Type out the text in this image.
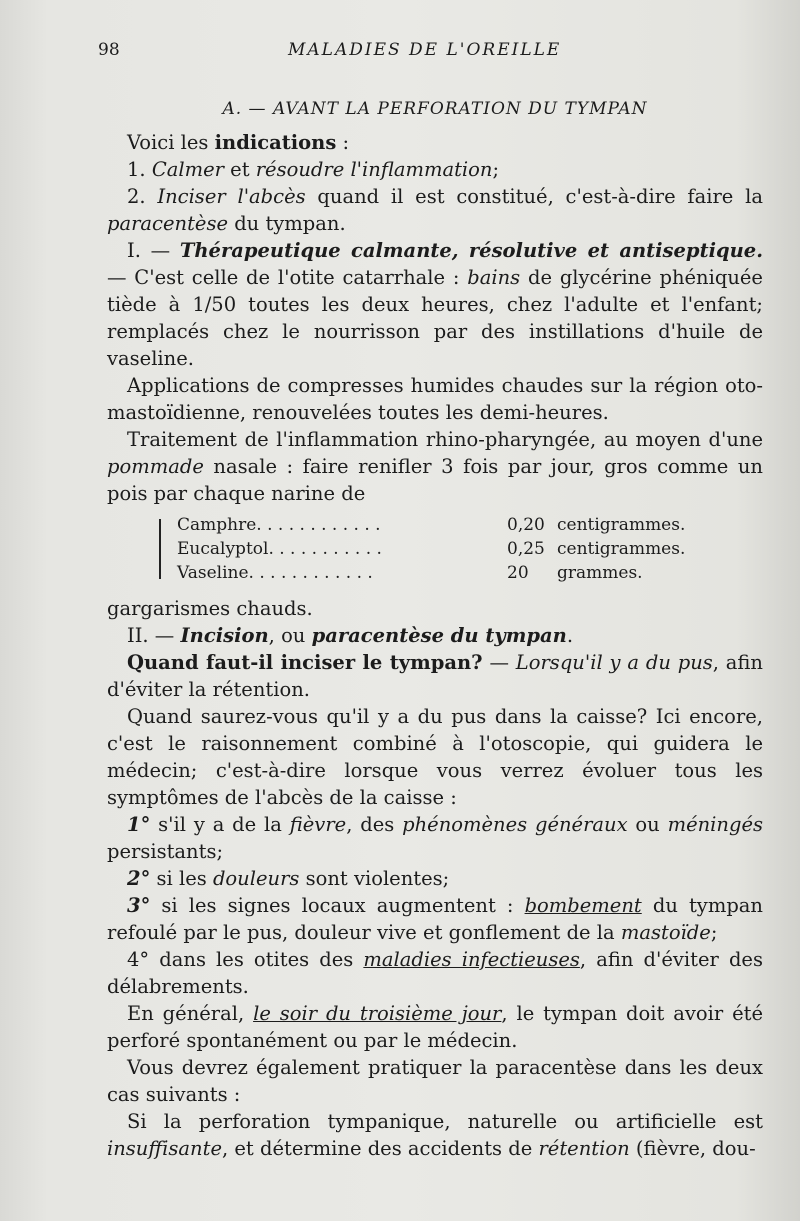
98	MALADIES DE L'OREILLE

A. — AVANT LA PERFORATION DU TYMPAN

Voici les indications :

1. Calmer et résoudre l'inflammation;

2. Inciser l'abcès quand il est constitué, c'est-à-dire faire la paracentèse du tympan.

I. — Thérapeutique calmante, résolutive et antiseptique. — C'est celle de l'otite catarrhale : bains de glycérine phéniquée tiède à 1/50 toutes les deux heures, chez l'adulte et l'enfant; remplacés chez le nourrisson par des instillations d'huile de vaseline.

Applications de compresses humides chaudes sur la région oto-mastoïdienne, renouvelées toutes les demi-heures.

Traitement de l'inflammation rhino-pharyngée, au moyen d'une pommade nasale : faire renifler 3 fois par jour, gros comme un pois par chaque narine de

Camphre. . . . . . . . . . . .	0,20 centigrammes.
Eucalyptol. . . . . . . . . . .	0,25 centigrammes.
Vaseline. . . . . . . . . . . .	20 grammes.

gargarismes chauds.

II. — Incision, ou paracentèse du tympan.

Quand faut-il inciser le tympan? — Lorsqu'il y a du pus, afin d'éviter la rétention.

Quand saurez-vous qu'il y a du pus dans la caisse? Ici encore, c'est le raisonnement combiné à l'otoscopie, qui guidera le médecin; c'est-à-dire lorsque vous verrez évoluer tous les symptômes de l'abcès de la caisse :

1° s'il y a de la fièvre, des phénomènes généraux ou méningés persistants;

2° si les douleurs sont violentes;

3° si les signes locaux augmentent : bombement du tympan refoulé par le pus, douleur vive et gonflement de la mastoïde;

4° dans les otites des maladies infectieuses, afin d'éviter des délabrements.

En général, le soir du troisième jour, le tympan doit avoir été perforé spontanément ou par le médecin.

Vous devrez également pratiquer la paracentèse dans les deux cas suivants :

Si la perforation tympanique, naturelle ou artificielle est insuffisante, et détermine des accidents de rétention (fièvre, dou-
